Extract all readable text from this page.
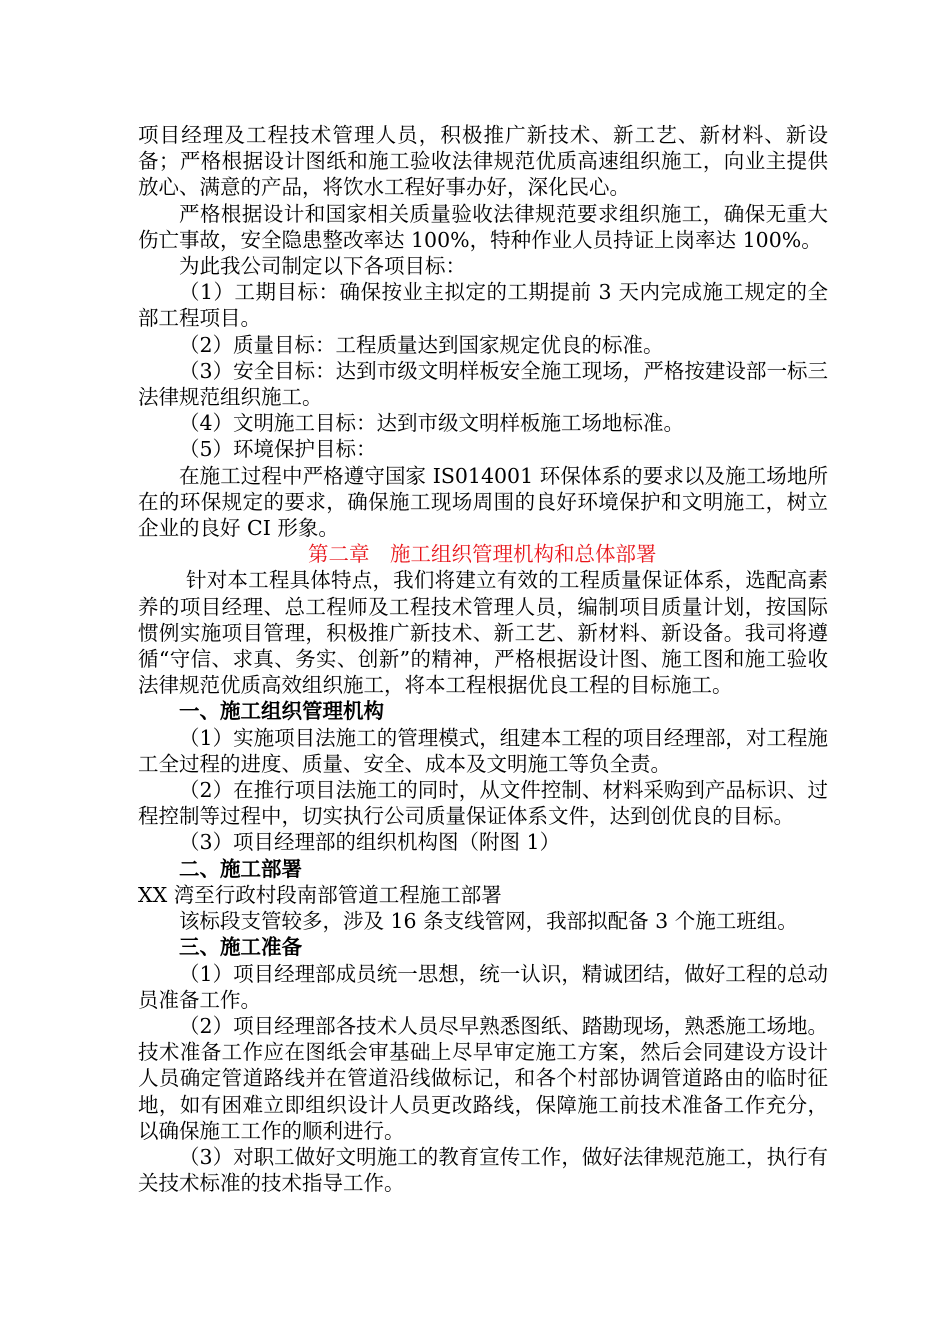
项目经理及工程技术管理人员，积极推广新技术、新工艺、新材料、新设备；严格根据设计图纸和施工验收法律规范优质高速组织施工，向业主提供放心、满意的产品，将饮水工程好事办好，深化民心。

严格根据设计和国家相关质量验收法律规范要求组织施工，确保无重大伤亡事故，安全隐患整改率达 100%，特种作业人员持证上岗率达 100%。

为此我公司制定以下各项目标：

（1）工期目标：确保按业主拟定的工期提前 3 天内完成施工规定的全部工程项目。

（2）质量目标：工程质量达到国家规定优良的标准。

（3）安全目标：达到市级文明样板安全施工现场，严格按建设部一标三法律规范组织施工。

（4）文明施工目标：达到市级文明样板施工场地标准。

（5）环境保护目标：

在施工过程中严格遵守国家 IS014001 环保体系的要求以及施工场地所在的环保规定的要求，确保施工现场周围的良好环境保护和文明施工，树立企业的良好 CI 形象。

第二章　施工组织管理机构和总体部署

针对本工程具体特点，我们将建立有效的工程质量保证体系，选配高素养的项目经理、总工程师及工程技术管理人员，编制项目质量计划，按国际惯例实施项目管理，积极推广新技术、新工艺、新材料、新设备。我司将遵循“守信、求真、务实、创新”的精神，严格根据设计图、施工图和施工验收法律规范优质高效组织施工，将本工程根据优良工程的目标施工。

一、施工组织管理机构

（1）实施项目法施工的管理模式，组建本工程的项目经理部，对工程施工全过程的进度、质量、安全、成本及文明施工等负全责。

（2）在推行项目法施工的同时，从文件控制、材料采购到产品标识、过程控制等过程中，切实执行公司质量保证体系文件，达到创优良的目标。

（3）项目经理部的组织机构图（附图 1）

二、施工部署

XX 湾至行政村段南部管道工程施工部署

该标段支管较多，涉及 16 条支线管网，我部拟配备 3 个施工班组。

三、施工准备

（1）项目经理部成员统一思想，统一认识，精诚团结，做好工程的总动员准备工作。

（2）项目经理部各技术人员尽早熟悉图纸、踏勘现场，熟悉施工场地。技术准备工作应在图纸会审基础上尽早审定施工方案，然后会同建设方设计人员确定管道路线并在管道沿线做标记，和各个村部协调管道路由的临时征地，如有困难立即组织设计人员更改路线，保障施工前技术准备工作充分，以确保施工工作的顺利进行。

（3）对职工做好文明施工的教育宣传工作，做好法律规范施工，执行有关技术标准的技术指导工作。
